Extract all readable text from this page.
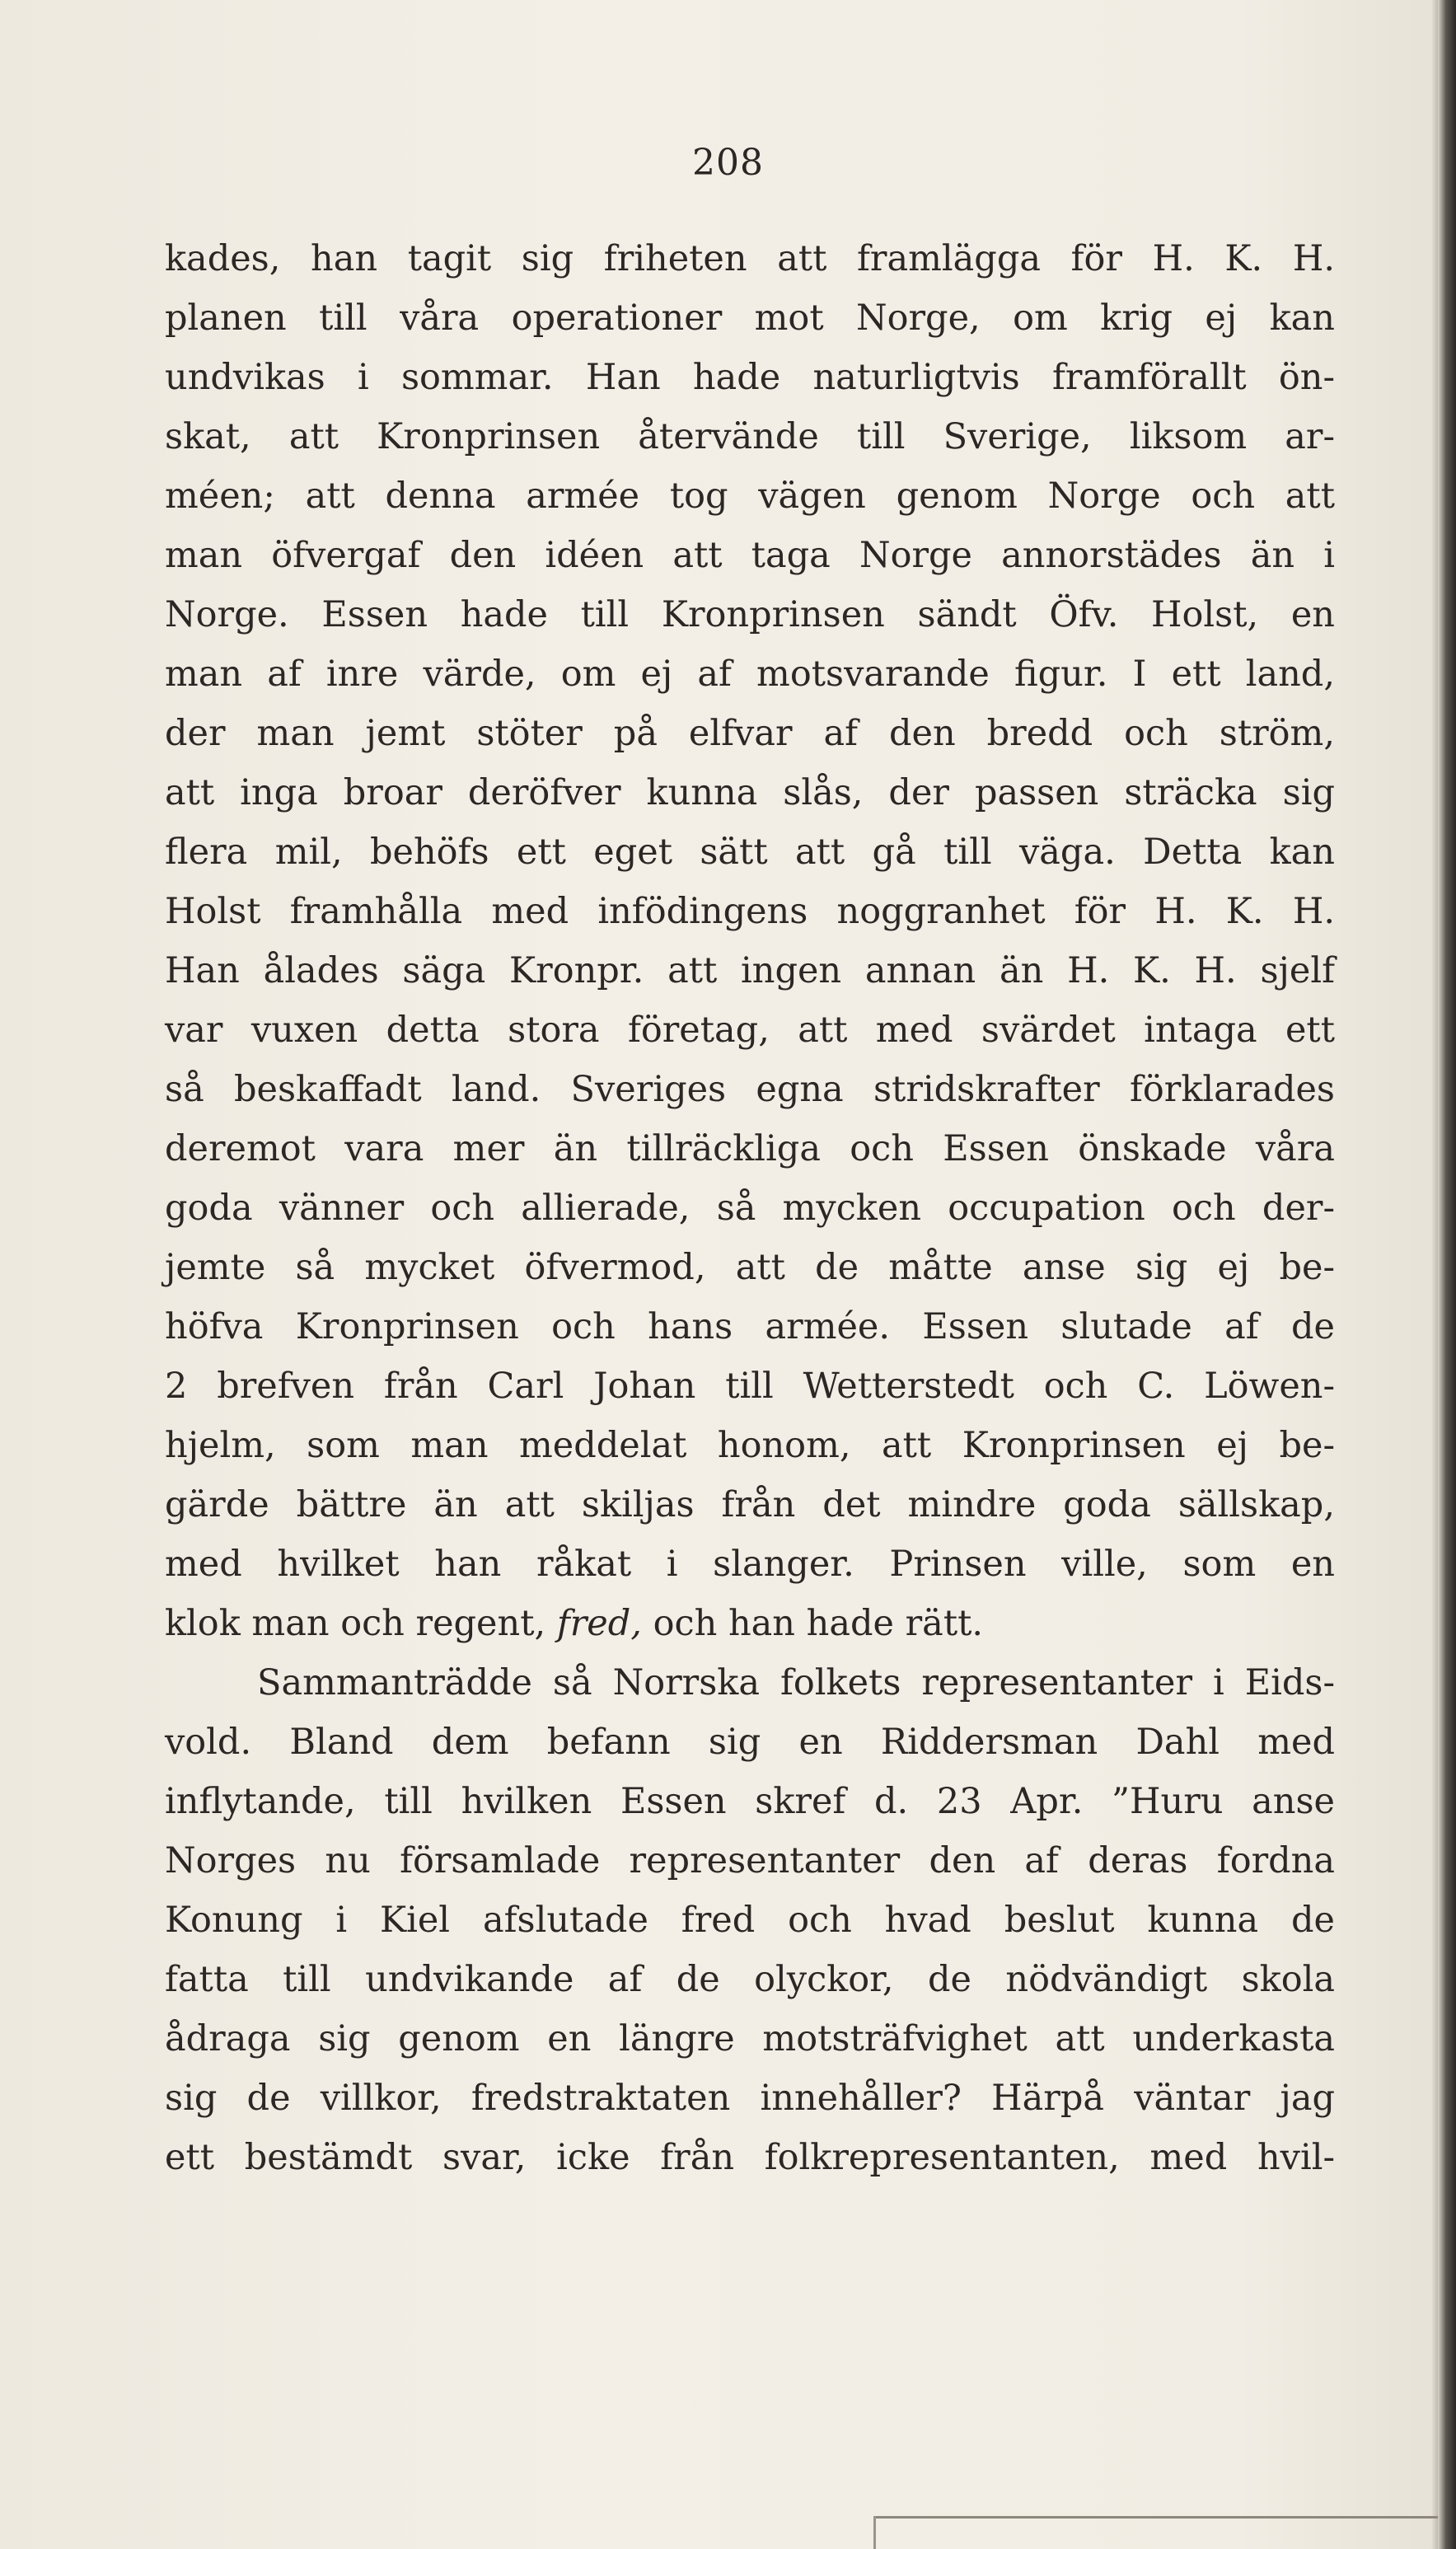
208
kades, han tagit sig friheten att framlägga för H. K. H.
planen till våra operationer mot Norge, om krig ej kan
undvikas i sommar. Han hade naturligtvis framförallt ön-
skat, att Kronprinsen återvände till Sverige, liksom ar-
méen; att denna armée tog vägen genom Norge och att
man öfvergaf den idéen att taga Norge annorstädes än i
Norge. Essen hade till Kronprinsen sändt Öfv. Holst, en
man af inre värde, om ej af motsvarande figur. I ett land,
der man jemt stöter på elfvar af den bredd och ström,
att inga broar deröfver kunna slås, der passen sträcka sig
flera mil, behöfs ett eget sätt att gå till väga. Detta kan
Holst framhålla med infödingens noggranhet för H. K. H.
Han ålades säga Kronpr. att ingen annan än H. K. H. sjelf
var vuxen detta stora företag, att med svärdet intaga ett
så beskaffadt land. Sveriges egna stridskrafter förklarades
deremot vara mer än tillräckliga och Essen önskade våra
goda vänner och allierade, så mycken occupation och der-
jemte så mycket öfvermod, att de måtte anse sig ej be-
höfva Kronprinsen och hans armée. Essen slutade af de
2 brefven från Carl Johan till Wetterstedt och C. Löwen-
hjelm, som man meddelat honom, att Kronprinsen ej be-
gärde bättre än att skiljas från det mindre goda sällskap,
med hvilket han råkat i slanger. Prinsen ville, som en
klok man och regent, fred, och han hade rätt.
Sammanträdde så Norrska folkets representanter i Eids-
vold. Bland dem befann sig en Riddersman Dahl med
inflytande, till hvilken Essen skref d. 23 Apr. ”Huru anse
Norges nu församlade representanter den af deras fordna
Konung i Kiel afslutade fred och hvad beslut kunna de
fatta till undvikande af de olyckor, de nödvändigt skola
ådraga sig genom en längre motsträfvighet att underkasta
sig de villkor, fredstraktaten innehåller? Härpå väntar jag
ett bestämdt svar, icke från folkrepresentanten, med hvil-
